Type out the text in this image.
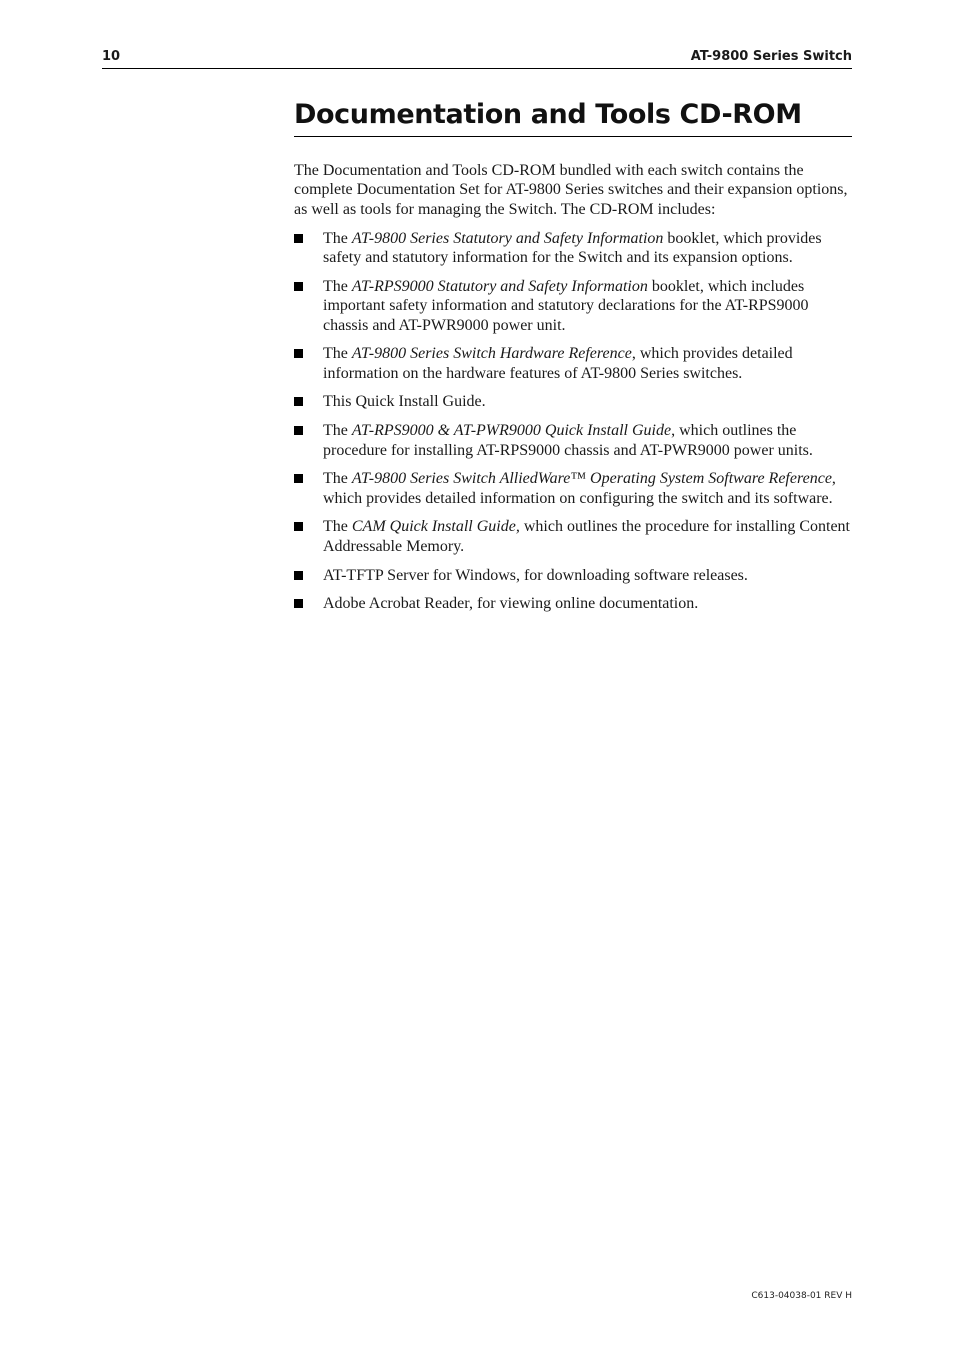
10	AT-9800 Series Switch
Documentation and Tools CD-ROM

The Documentation and Tools CD-ROM bundled with each switch contains the complete Documentation Set for AT-9800 Series switches and their expansion options, as well as tools for managing the Switch. The CD-ROM includes:

The AT-9800 Series Statutory and Safety Information booklet, which provides safety and statutory information for the Switch and its expansion options.
The AT-RPS9000 Statutory and Safety Information booklet, which includes important safety information and statutory declarations for the AT-RPS9000 chassis and AT-PWR9000 power unit.
The AT-9800 Series Switch Hardware Reference, which provides detailed information on the hardware features of AT-9800 Series switches.
This Quick Install Guide.
The AT-RPS9000 & AT-PWR9000 Quick Install Guide, which outlines the procedure for installing AT-RPS9000 chassis and AT-PWR9000 power units.
The AT-9800 Series Switch AlliedWare™ Operating System Software Reference, which provides detailed information on configuring the switch and its software.
The CAM Quick Install Guide, which outlines the procedure for installing Content Addressable Memory.
AT-TFTP Server for Windows, for downloading software releases.
Adobe Acrobat Reader, for viewing online documentation.
C613-04038-01 REV H
